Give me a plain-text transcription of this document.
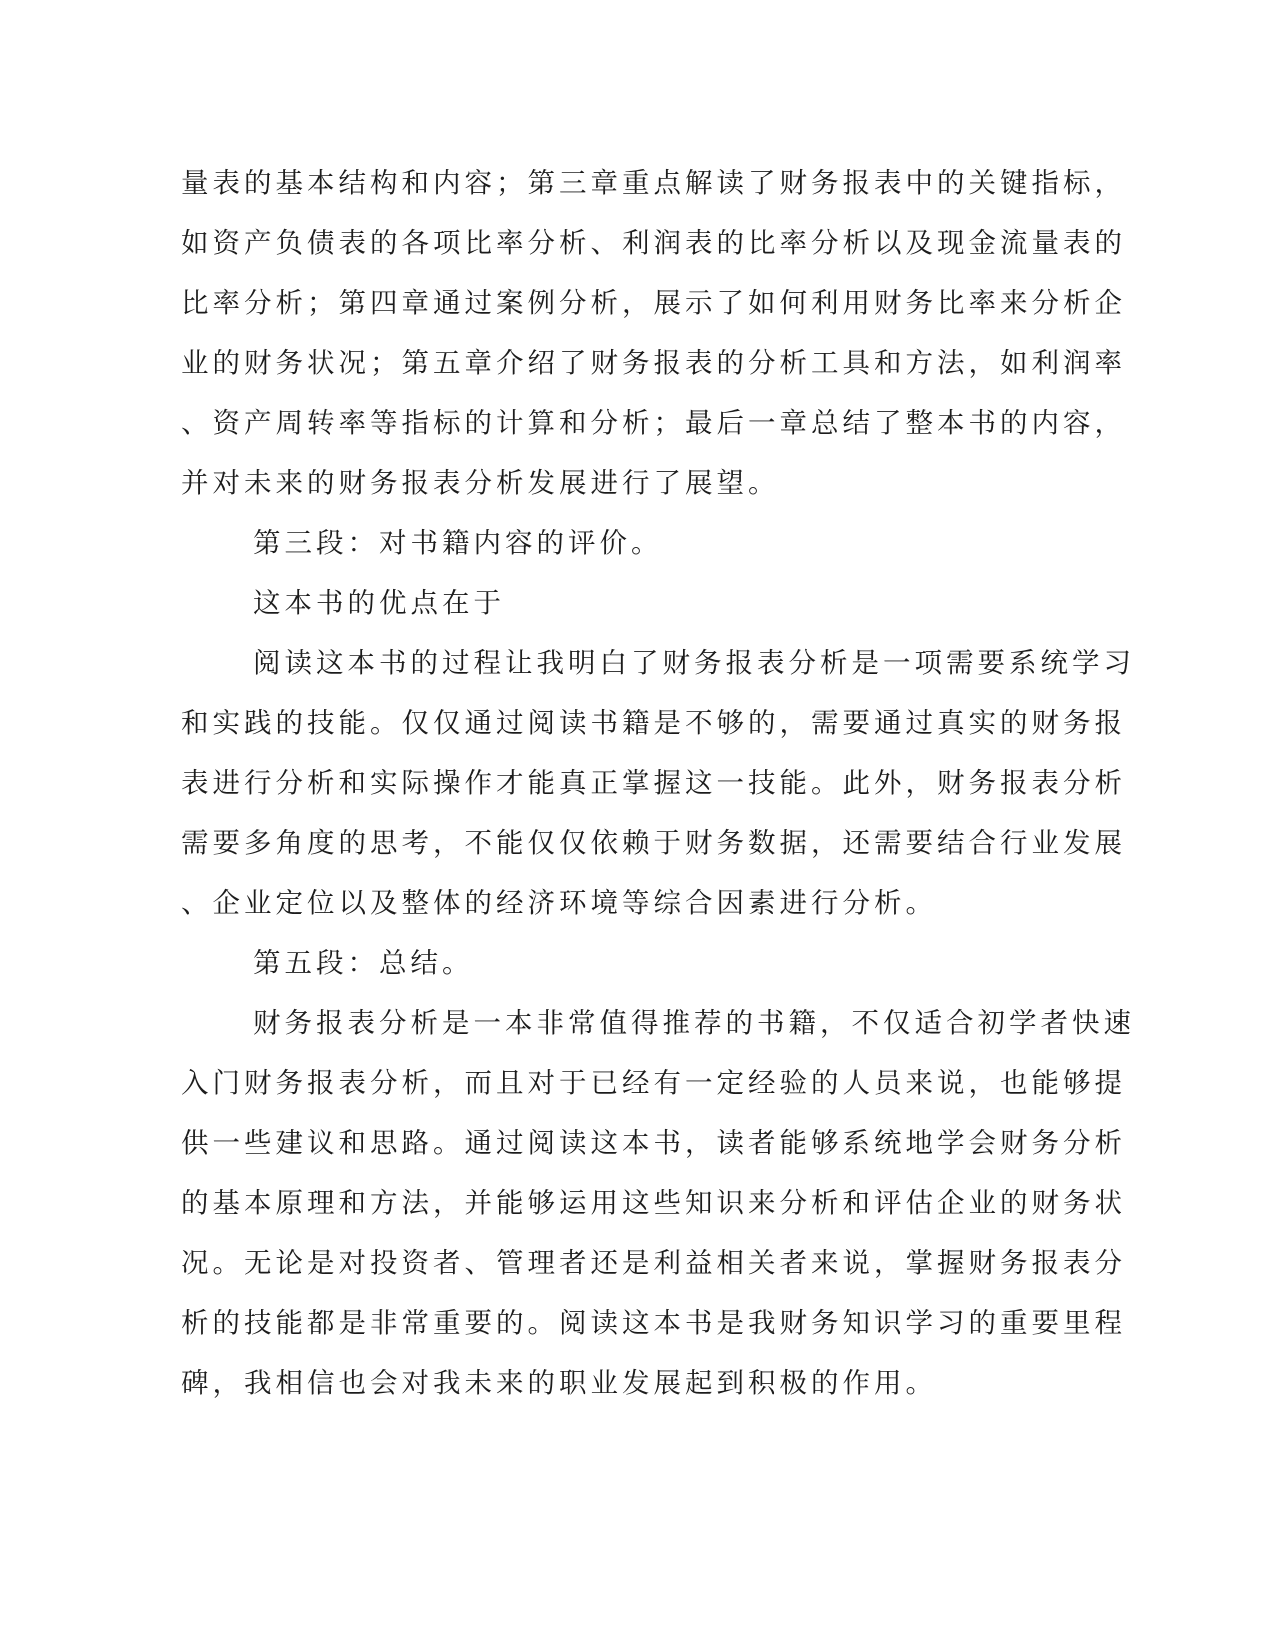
量表的基本结构和内容；第三章重点解读了财务报表中的关键指标，
如资产负债表的各项比率分析、利润表的比率分析以及现金流量表的
比率分析；第四章通过案例分析，展示了如何利用财务比率来分析企
业的财务状况；第五章介绍了财务报表的分析工具和方法，如利润率
、资产周转率等指标的计算和分析；最后一章总结了整本书的内容，
并对未来的财务报表分析发展进行了展望。
第三段：对书籍内容的评价。
这本书的优点在于
阅读这本书的过程让我明白了财务报表分析是一项需要系统学习
和实践的技能。仅仅通过阅读书籍是不够的，需要通过真实的财务报
表进行分析和实际操作才能真正掌握这一技能。此外，财务报表分析
需要多角度的思考，不能仅仅依赖于财务数据，还需要结合行业发展
、企业定位以及整体的经济环境等综合因素进行分析。
第五段：总结。
财务报表分析是一本非常值得推荐的书籍，不仅适合初学者快速
入门财务报表分析，而且对于已经有一定经验的人员来说，也能够提
供一些建议和思路。通过阅读这本书，读者能够系统地学会财务分析
的基本原理和方法，并能够运用这些知识来分析和评估企业的财务状
况。无论是对投资者、管理者还是利益相关者来说，掌握财务报表分
析的技能都是非常重要的。阅读这本书是我财务知识学习的重要里程
碑，我相信也会对我未来的职业发展起到积极的作用。
